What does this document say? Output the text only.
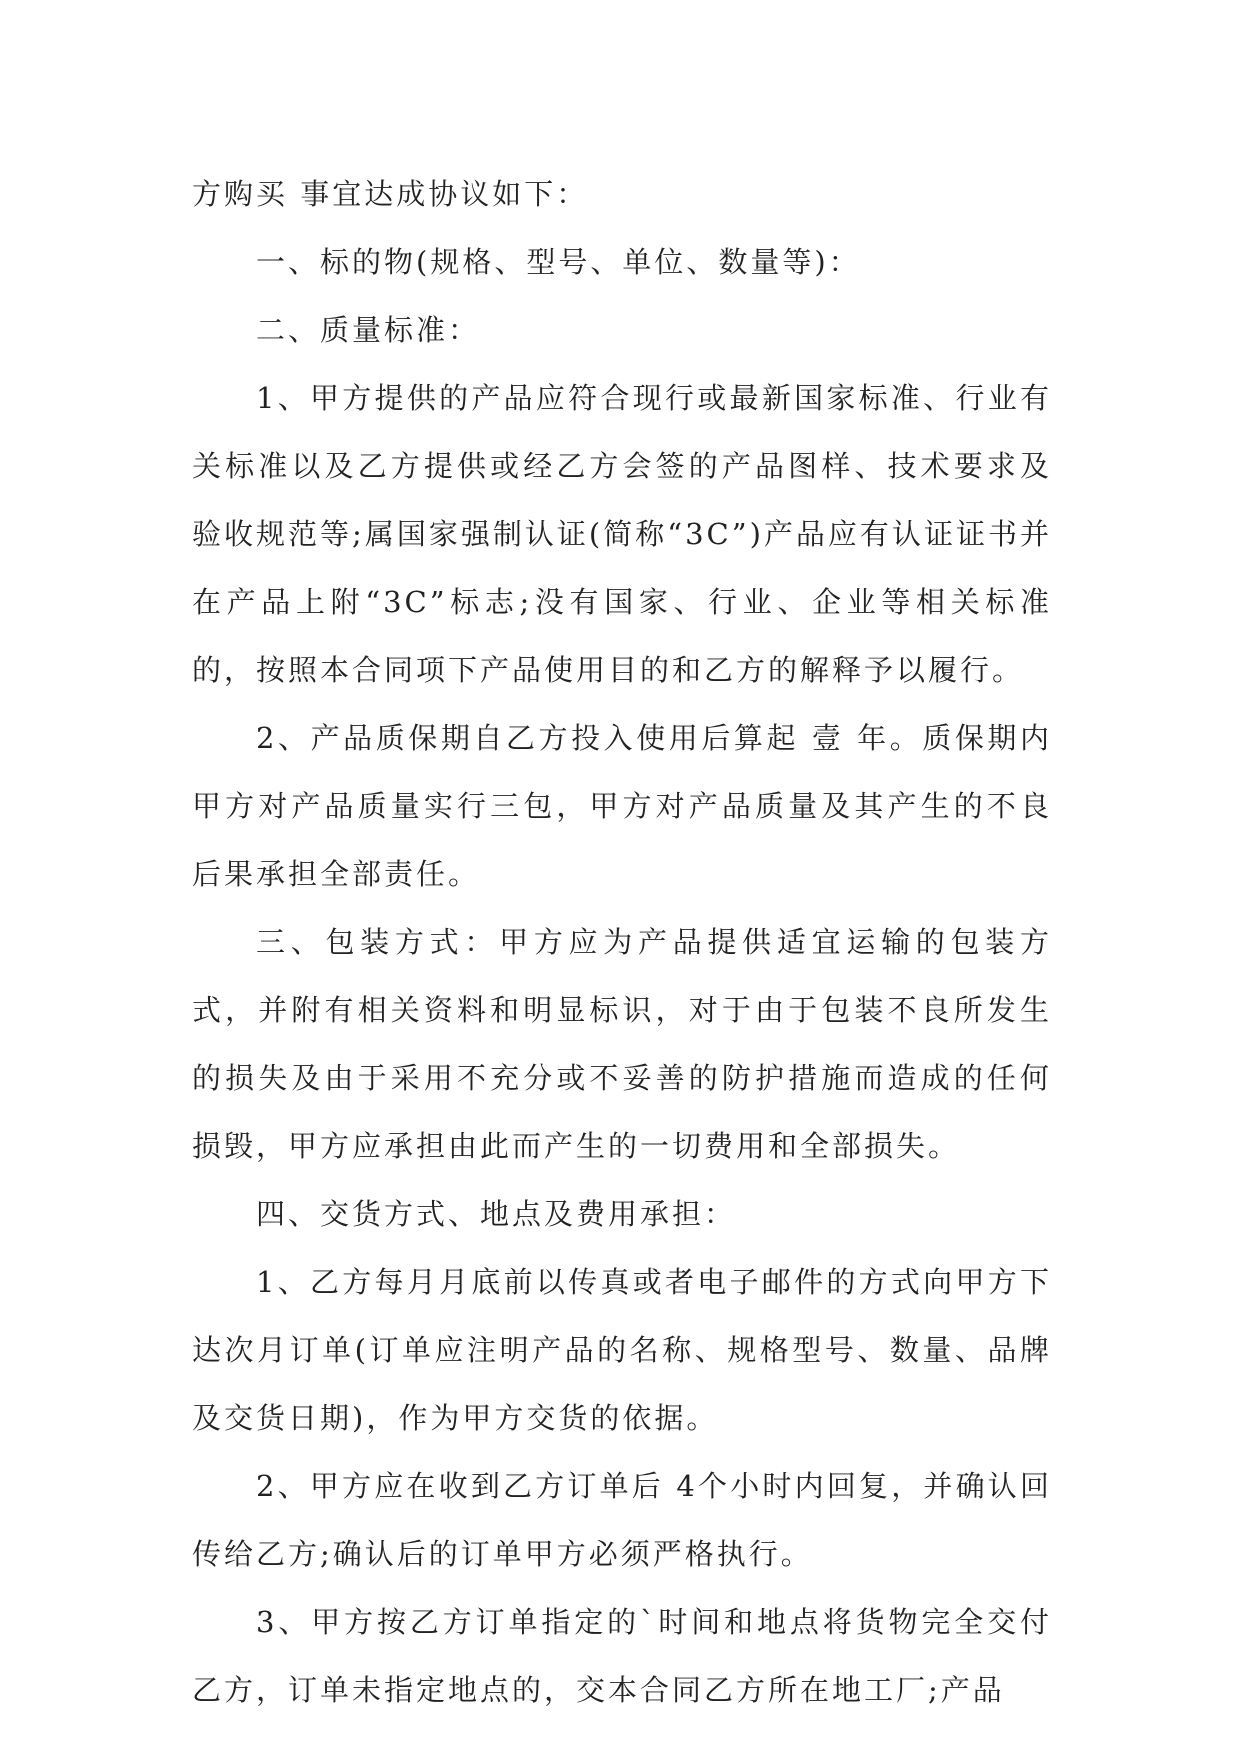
方购买 事宜达成协议如下：

一、标的物(规格、型号、单位、数量等)：

二、质量标准：

1、甲方提供的产品应符合现行或最新国家标准、行业有关标准以及乙方提供或经乙方会签的产品图样、技术要求及验收规范等;属国家强制认证(简称“3C”)产品应有认证证书并在产品上附“3C”标志;没有国家、行业、企业等相关标准的，按照本合同项下产品使用目的和乙方的解释予以履行。

2、产品质保期自乙方投入使用后算起 壹 年。质保期内甲方对产品质量实行三包，甲方对产品质量及其产生的不良后果承担全部责任。

三、包装方式：甲方应为产品提供适宜运输的包装方式，并附有相关资料和明显标识，对于由于包装不良所发生的损失及由于采用不充分或不妥善的防护措施而造成的任何损毁，甲方应承担由此而产生的一切费用和全部损失。

四、交货方式、地点及费用承担：

1、乙方每月月底前以传真或者电子邮件的方式向甲方下达次月订单(订单应注明产品的名称、规格型号、数量、品牌及交货日期)，作为甲方交货的依据。

2、甲方应在收到乙方订单后 4个小时内回复，并确认回传给乙方;确认后的订单甲方必须严格执行。

3、甲方按乙方订单指定的`时间和地点将货物完全交付乙方，订单未指定地点的，交本合同乙方所在地工厂;产品
